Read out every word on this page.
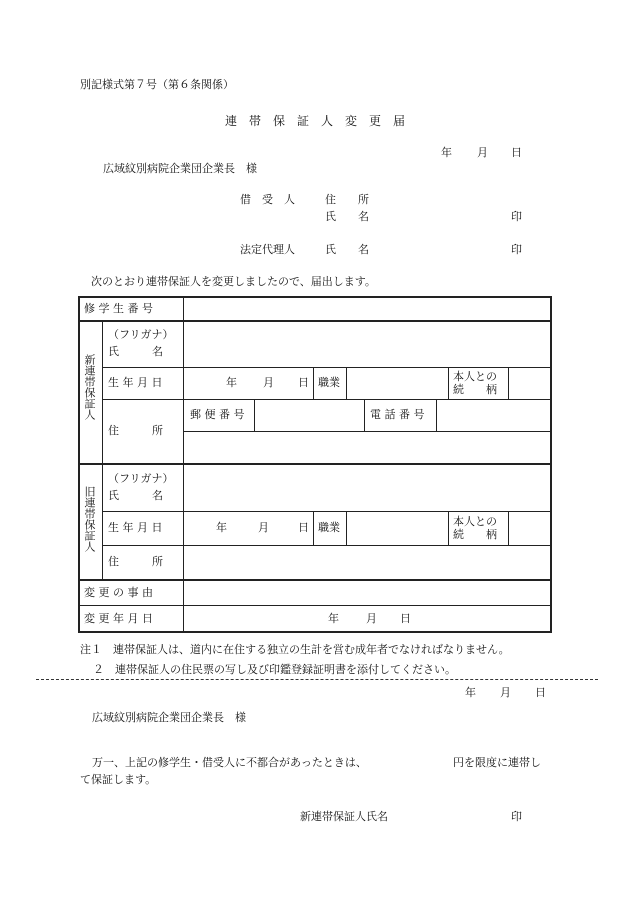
別記様式第７号（第６条関係）
連　帯　保　証　人　変　更　届
年 月 日
広域紋別病院企業団企業長　様
借　受　人	住　　所
氏　　名	印
法定代理人	氏　　名	印
次のとおり連帯保証人を変更しましたので、届出します。
修 学 生 番 号
新連帯保証人
（フリガナ）
氏　　　名
生 年 月 日	年 月 日 職業	本人との
続　　柄
住　　　所
郵 便 番 号	電 話 番 号
旧連帯保証人
（フリガナ）
氏　　　名
生 年 月 日	年	月	日 職業	本人との
続　　柄
住　　　所
変 更 の 事 由
変 更 年 月 日	年 月 日
注１　連帯保証人は、道内に在住する独立の生計を営む成年者でなければなりません。
２　連帯保証人の住民票の写し及び印鑑登録証明書を添付してください。
年 月 日
広域紋別病院企業団企業長　様
万一、上記の修学生・借受人に不都合があったときは、	円を限度に連帯し
て保証します。
新連帯保証人氏名	印
